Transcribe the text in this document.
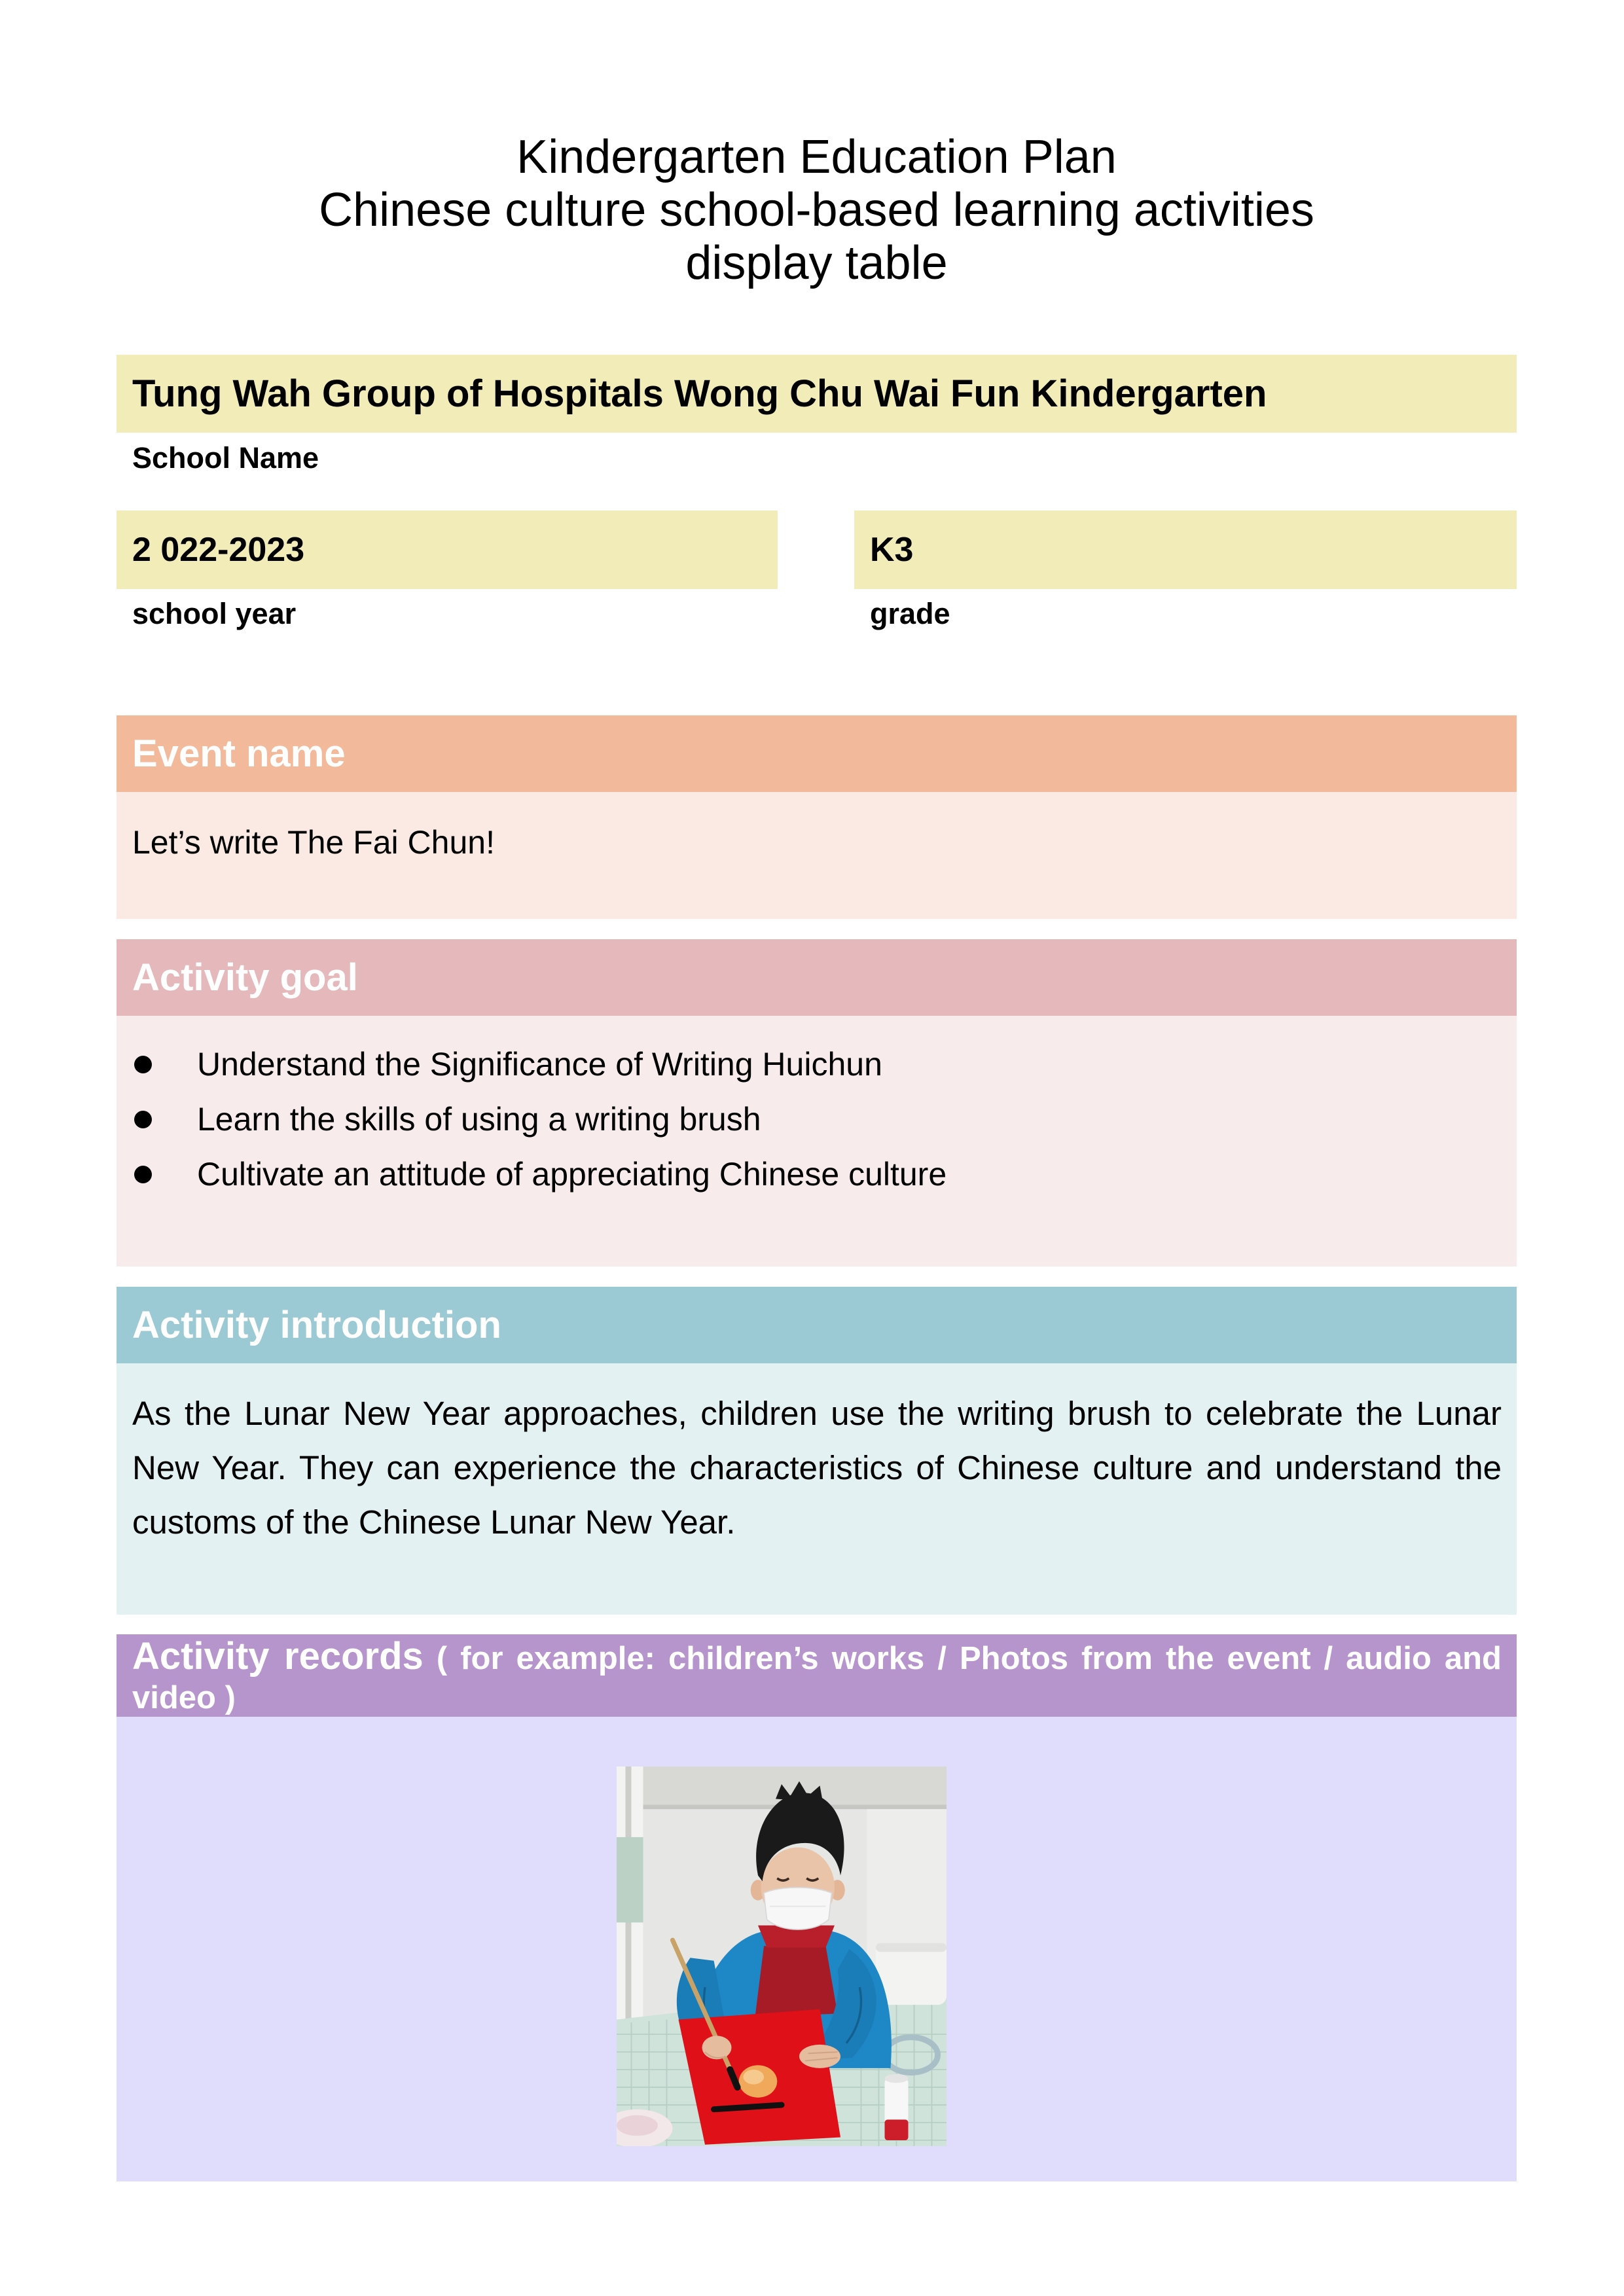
Kindergarten Education Plan
Chinese culture school-based learning activities
display table
Tung Wah Group of Hospitals Wong Chu Wai Fun Kindergarten
School Name
2 022-2023
school year
K3
grade
Event name
Let’s write The Fai Chun!
Activity goal
Understand the Significance of Writing Huichun
Learn the skills of using a writing brush
Cultivate an attitude of appreciating Chinese culture
Activity introduction
As the Lunar New Year approaches, children use the writing brush to celebrate the Lunar New Year. They can experience the characteristics of Chinese culture and understand the customs of the Chinese Lunar New Year.
Activity records ( for example: children’s works / Photos from the event / audio and video )
